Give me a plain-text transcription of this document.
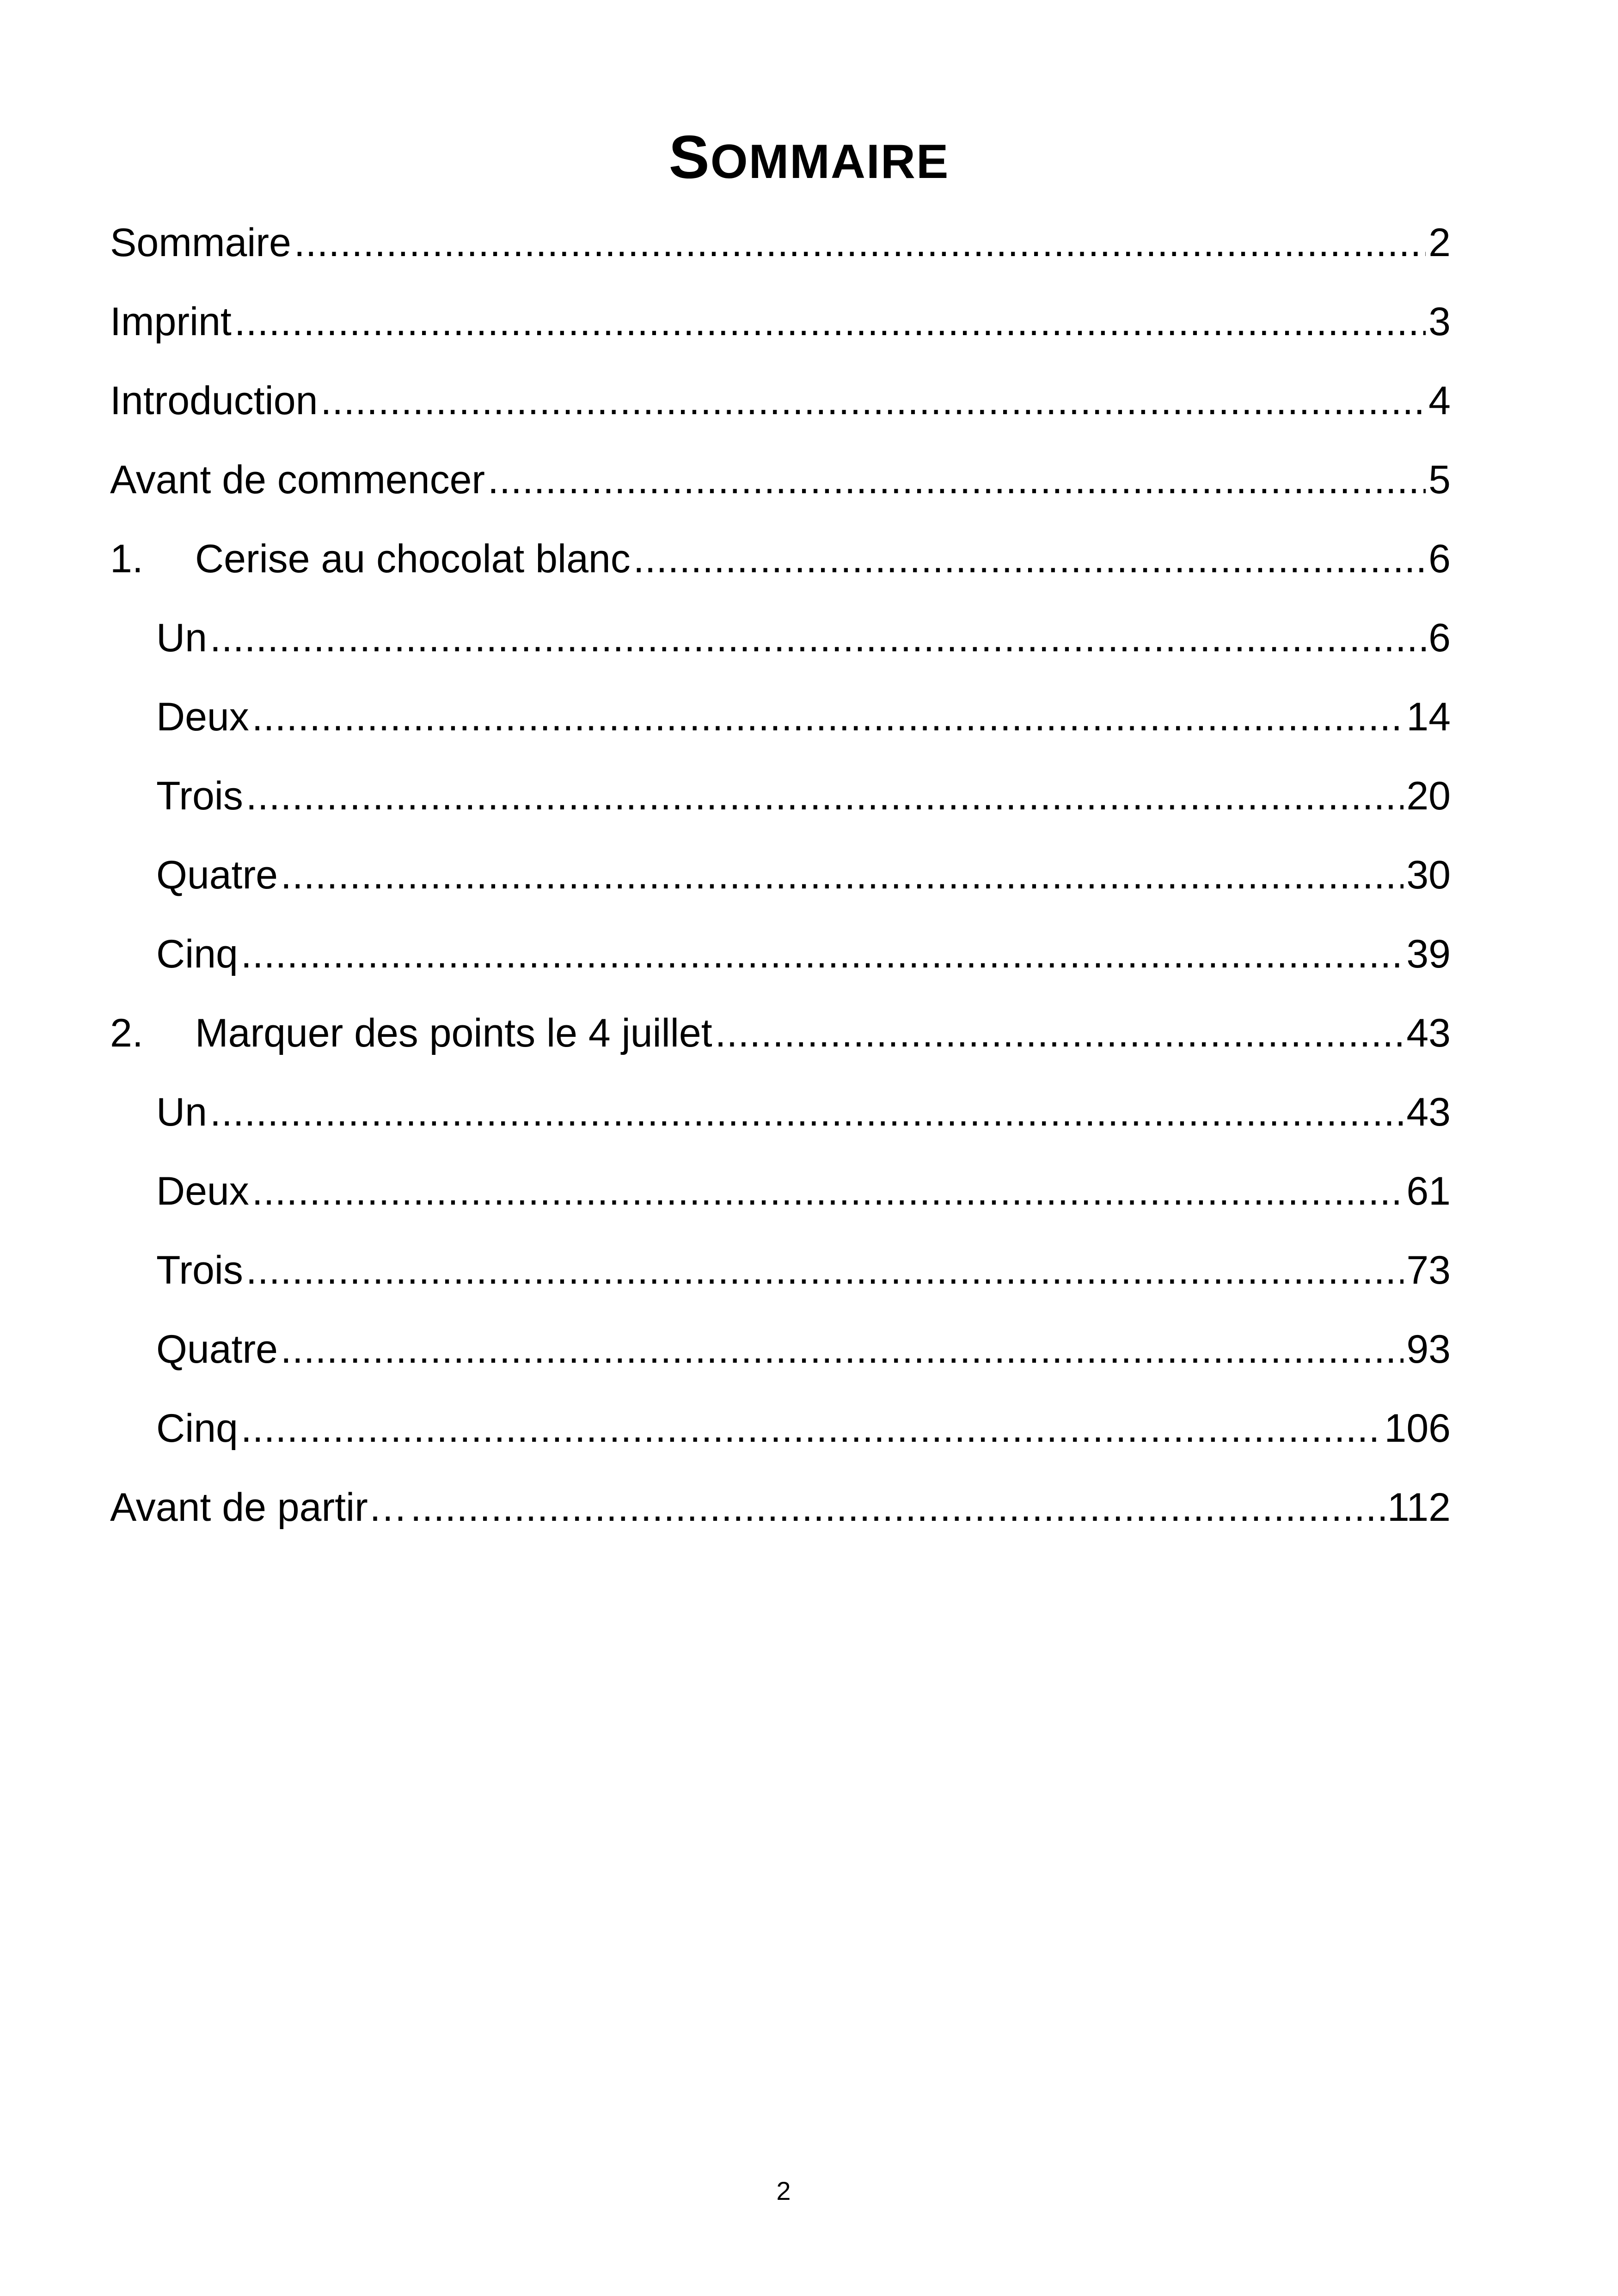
SOMMAIRE
Sommaire .....	2
Imprint .....	3
Introduction .....	4
Avant de commencer .....	5
1.	Cerise au chocolat blanc .....	6
Un .....	6
Deux .....	14
Trois .....	20
Quatre .....	30
Cinq .....	39
2.	Marquer des points le 4 juillet .....	43
Un .....	43
Deux .....	61
Trois .....	73
Quatre .....	93
Cinq .....	106
Avant de partir… .....	112
2
